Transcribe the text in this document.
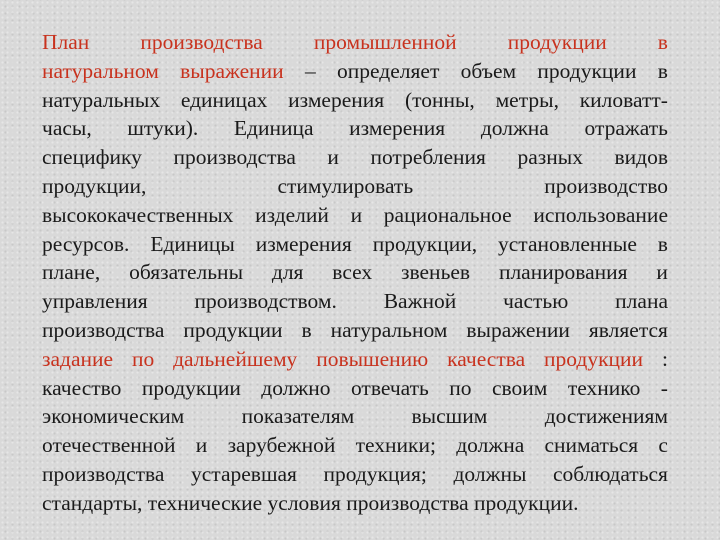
План производства промышленной продукции в
натуральном выражении – определяет объем продукции в
натуральных единицах измерения (тонны, метры, киловатт-
часы, штуки). Единица измерения должна отражать
специфику производства и потребления разных видов
продукции,	стимулировать	производство
высококачественных изделий и рациональное использование
ресурсов. Единицы измерения продукции, установленные в
плане, обязательны для всех звеньев планирования и
управления производством. Важной частью плана
производства продукции в натуральном выражении является
задание по дальнейшему повышению качества продукции :
качество продукции должно отвечать по своим технико -
экономическим	показателям	высшим	достижениям
отечественной и зарубежной техники; должна сниматься с
производства устаревшая продукция; должны соблюдаться
стандарты, технические условия производства продукции.
